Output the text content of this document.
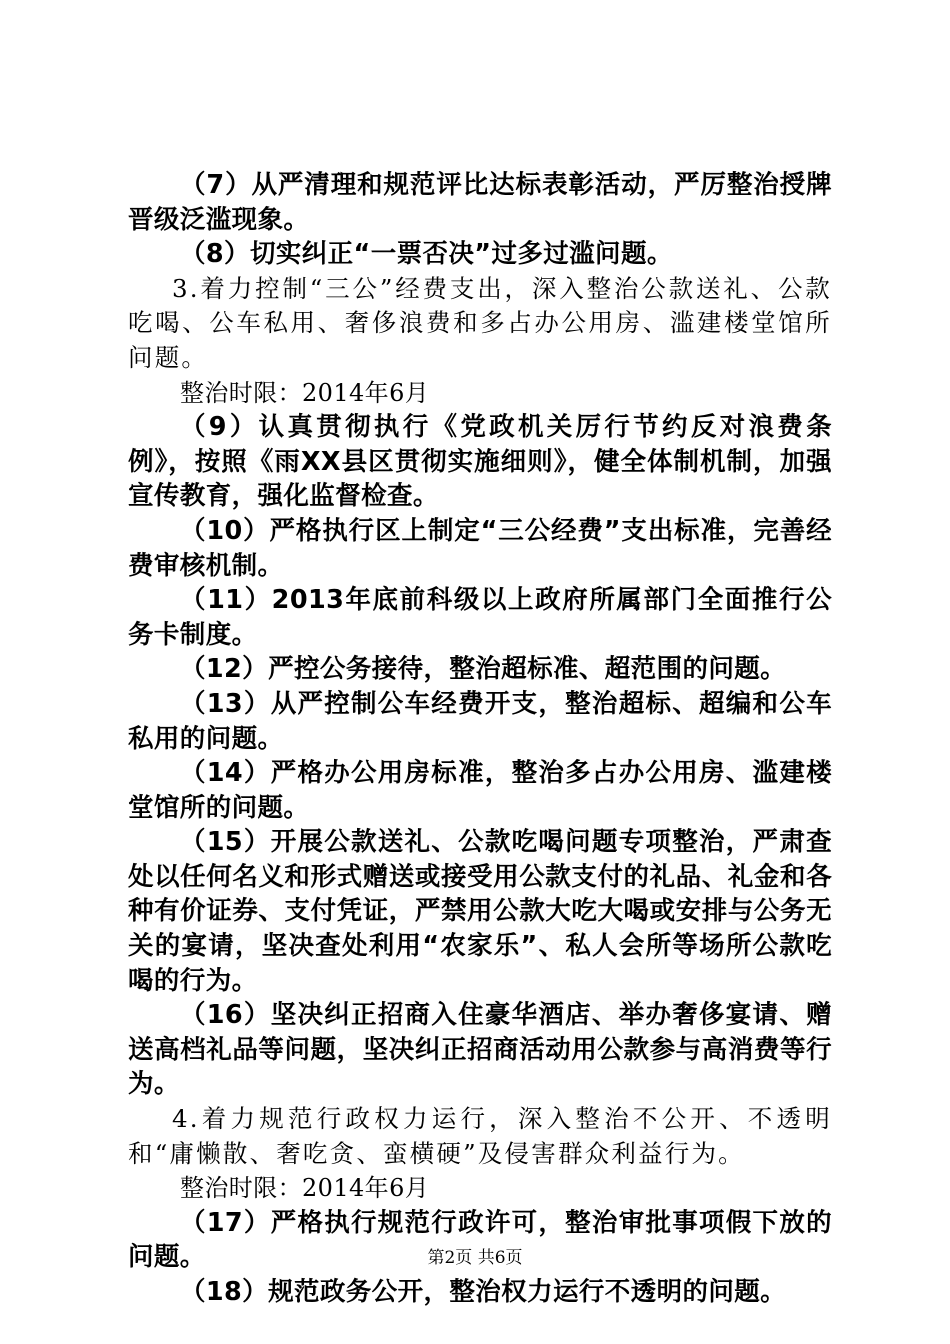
（7）从严清理和规范评比达标表彰活动，严厉整治授牌晋级泛滥现象。

（8）切实纠正“一票否决”过多过滥问题。

3.着力控制“三公”经费支出，深入整治公款送礼、公款吃喝、公车私用、奢侈浪费和多占办公用房、滥建楼堂馆所问题。

整治时限：2014年6月

（9）认真贯彻执行《党政机关厉行节约反对浪费条例》，按照《雨XX县区贯彻实施细则》，健全体制机制，加强宣传教育，强化监督检查。

（10）严格执行区上制定“三公经费”支出标准，完善经费审核机制。

（11）2013年底前科级以上政府所属部门全面推行公务卡制度。

（12）严控公务接待，整治超标准、超范围的问题。

（13）从严控制公车经费开支，整治超标、超编和公车私用的问题。

（14）严格办公用房标准，整治多占办公用房、滥建楼堂馆所的问题。

（15）开展公款送礼、公款吃喝问题专项整治，严肃查处以任何名义和形式赠送或接受用公款支付的礼品、礼金和各种有价证券、支付凭证，严禁用公款大吃大喝或安排与公务无关的宴请，坚决查处利用“农家乐”、私人会所等场所公款吃喝的行为。

（16）坚决纠正招商入住豪华酒店、举办奢侈宴请、赠送高档礼品等问题，坚决纠正招商活动用公款参与高消费等行为。

4.着力规范行政权力运行，深入整治不公开、不透明和“庸懒散、奢吃贪、蛮横硬”及侵害群众利益行为。

整治时限：2014年6月

（17）严格执行规范行政许可，整治审批事项假下放的问题。

（18）规范政务公开，整治权力运行不透明的问题。

第2页 共6页
